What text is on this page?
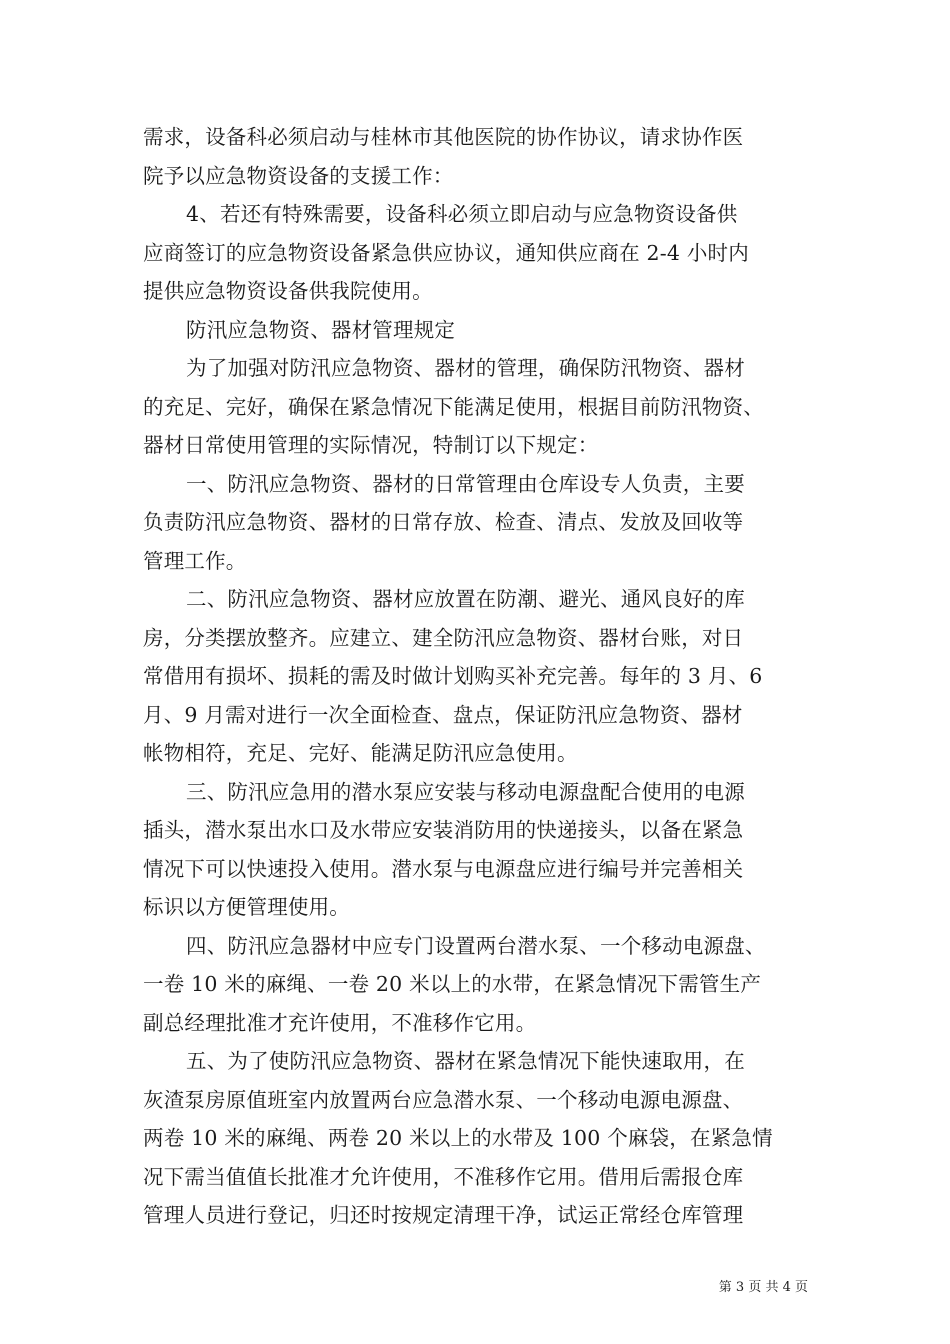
需求，设备科必须启动与桂林市其他医院的协作协议，请求协作医
院予以应急物资设备的支援工作：
4、若还有特殊需要，设备科必须立即启动与应急物资设备供
应商签订的应急物资设备紧急供应协议，通知供应商在 2-4 小时内
提供应急物资设备供我院使用。
防汛应急物资、器材管理规定
为了加强对防汛应急物资、器材的管理，确保防汛物资、器材
的充足、完好，确保在紧急情况下能满足使用，根据目前防汛物资、
器材日常使用管理的实际情况，特制订以下规定：
一、防汛应急物资、器材的日常管理由仓库设专人负责，主要
负责防汛应急物资、器材的日常存放、检查、清点、发放及回收等
管理工作。
二、防汛应急物资、器材应放置在防潮、避光、通风良好的库
房，分类摆放整齐。应建立、建全防汛应急物资、器材台账，对日
常借用有损坏、损耗的需及时做计划购买补充完善。每年的 3 月、6
月、9 月需对进行一次全面检查、盘点，保证防汛应急物资、器材
帐物相符，充足、完好、能满足防汛应急使用。
三、防汛应急用的潜水泵应安装与移动电源盘配合使用的电源
插头，潜水泵出水口及水带应安装消防用的快递接头，以备在紧急
情况下可以快速投入使用。潜水泵与电源盘应进行编号并完善相关
标识以方便管理使用。
四、防汛应急器材中应专门设置两台潜水泵、一个移动电源盘、
一卷 10 米的麻绳、一卷 20 米以上的水带，在紧急情况下需管生产
副总经理批准才充许使用，不准移作它用。
五、为了使防汛应急物资、器材在紧急情况下能快速取用，在
灰渣泵房原值班室内放置两台应急潜水泵、一个移动电源电源盘、
两卷 10 米的麻绳、两卷 20 米以上的水带及 100 个麻袋，在紧急情
况下需当值值长批准才允许使用，不准移作它用。借用后需报仓库
管理人员进行登记，归还时按规定清理干净，试运正常经仓库管理
第 3 页 共 4 页
